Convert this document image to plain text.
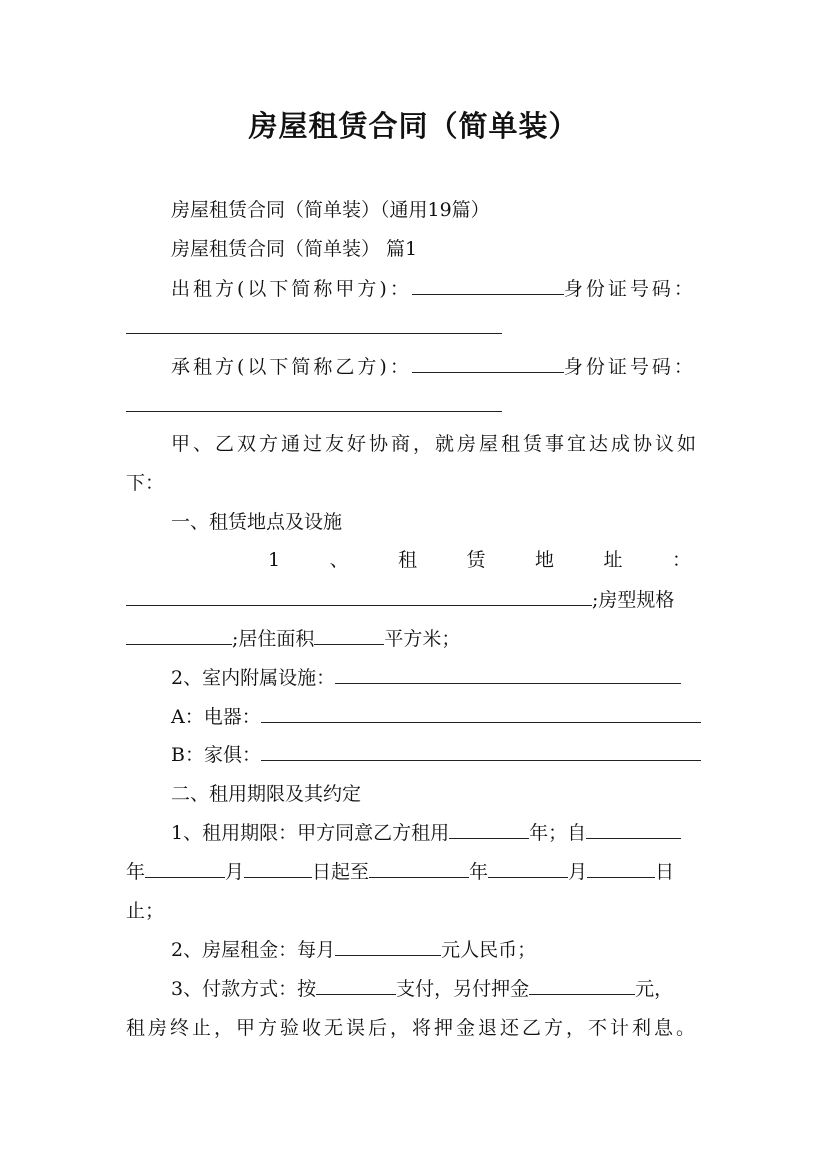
房屋租赁合同（简单装）
房屋租赁合同（简单装）（通用19篇）
房屋租赁合同（简单装） 篇1
出租方(以下简称甲方)：	身份证号码：
承租方(以下简称乙方)：	身份证号码：
甲、乙双方通过友好协商，就房屋租赁事宜达成协议如
下：
一、租赁地点及设施
1	、	租	赁	地	址	：
;房型规格
;居住面积	平方米；
2、室内附属设施：
A：电器：
B：家俱：
二、租用期限及其约定
1、租用期限：甲方同意乙方租用	年；自
年	月	日起至	年	月	日
止；
2、房屋租金：每月	元人民币；
3、付款方式：按	支付，另付押金	元，
租房终止，甲方验收无误后，将押金退还乙方，不计利息。
